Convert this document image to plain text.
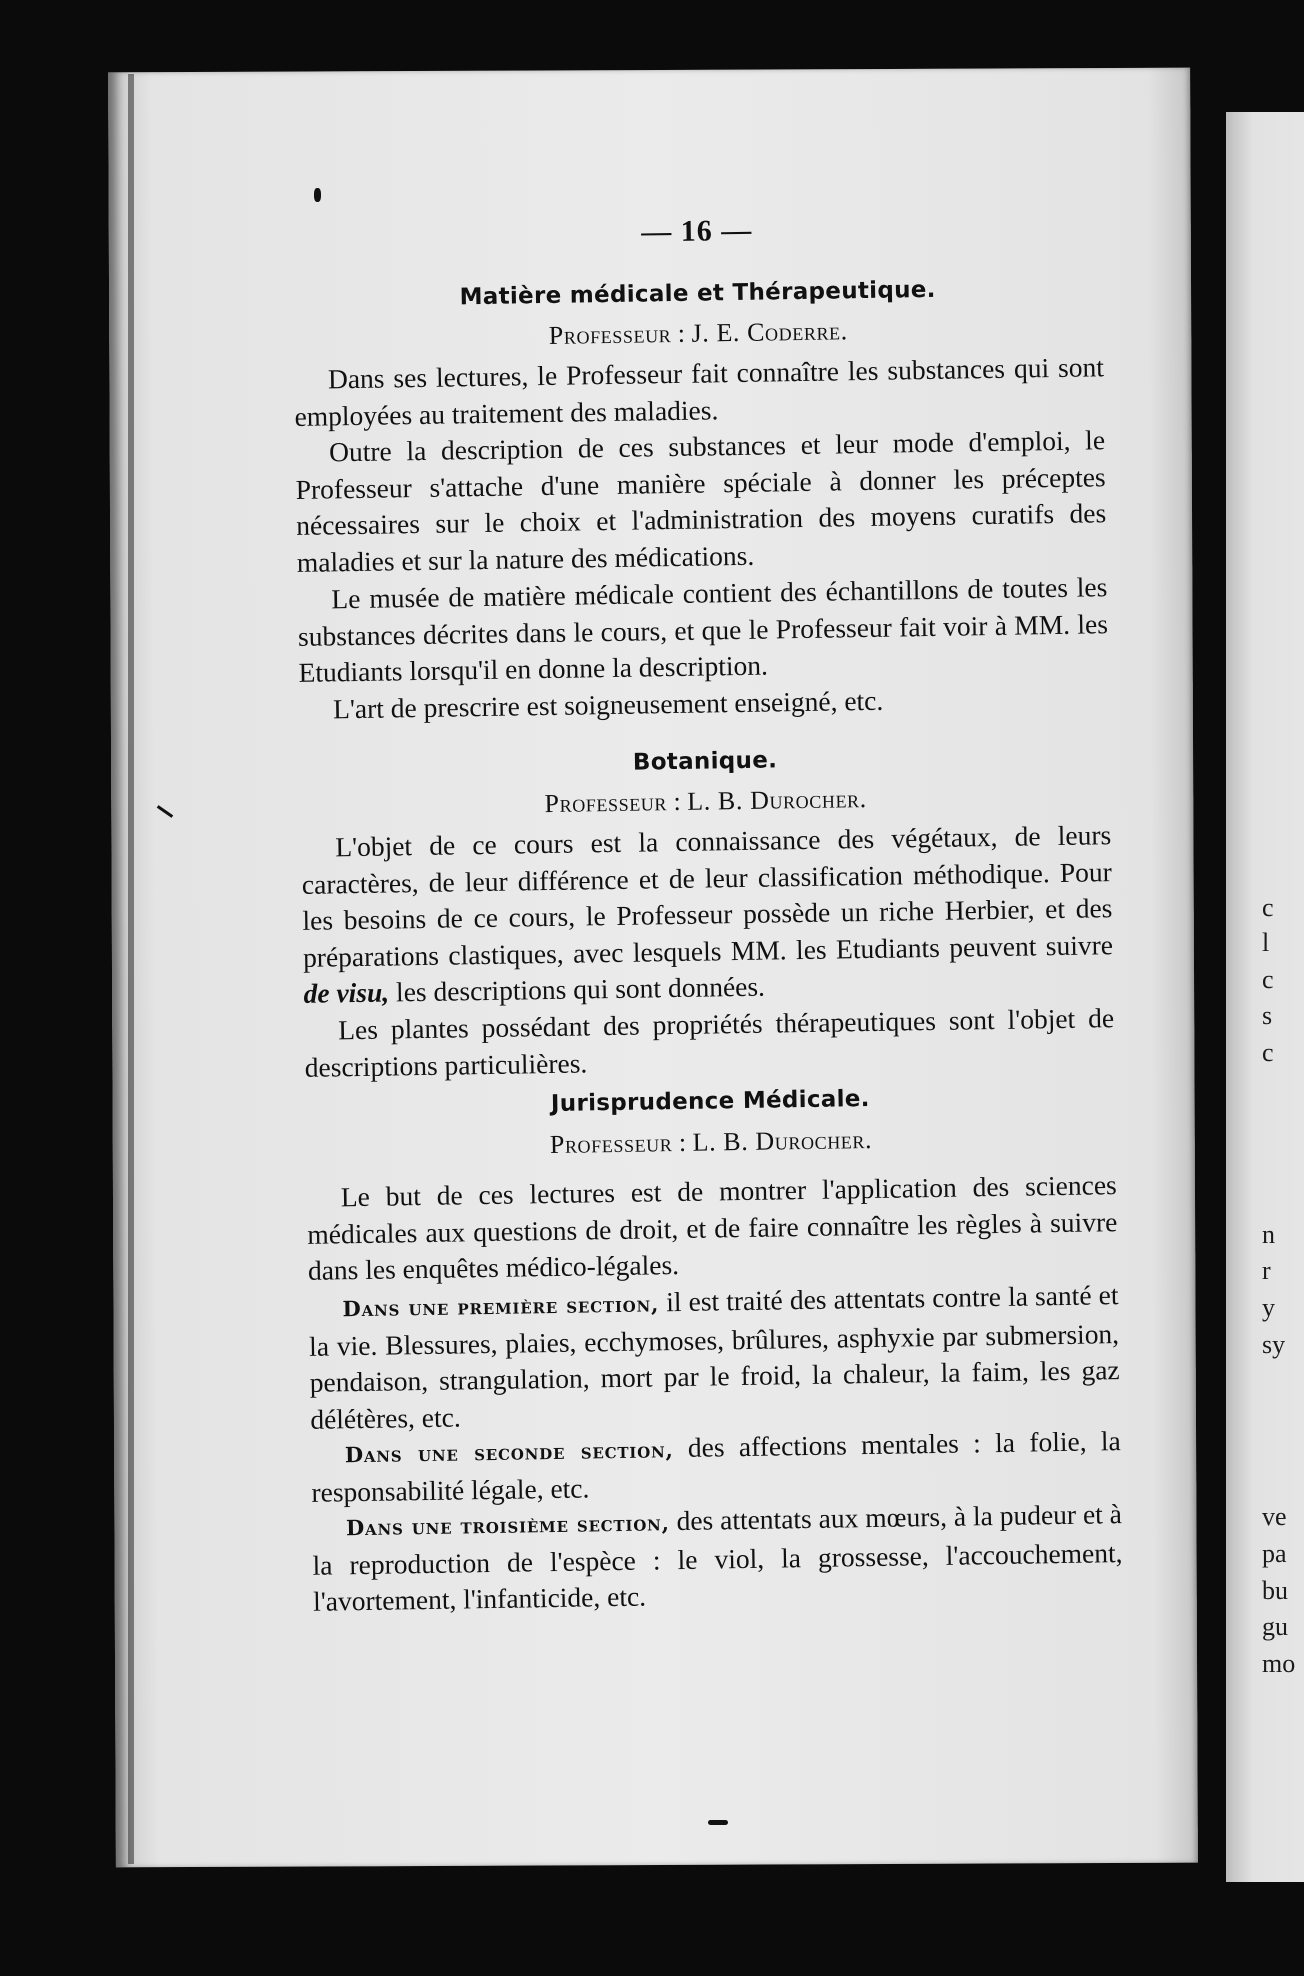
c
l
c
s
c
n
r
y
sy
ve
pa
bu
gu
mo
— 16 —
Matière médicale et Thérapeutique.
Professeur : J. E. Coderre.

Dans ses lectures, le Professeur fait connaître les substances qui sont employées au traitement des maladies.

Outre la description de ces substances et leur mode d'emploi, le Professeur s'attache d'une manière spéciale à donner les préceptes nécessaires sur le choix et l'administration des moyens curatifs des maladies et sur la nature des médications.

Le musée de matière médicale contient des échantillons de toutes les substances décrites dans le cours, et que le Professeur fait voir à MM. les Etudiants lorsqu'il en donne la description.

L'art de prescrire est soigneusement enseigné, etc.

Botanique.
Professeur : L. B. Durocher.

L'objet de ce cours est la connaissance des végétaux, de leurs caractères, de leur différence et de leur classification méthodique. Pour les besoins de ce cours, le Professeur possède un riche Herbier, et des préparations clastiques, avec lesquels MM. les Etudiants peuvent suivre de visu, les descriptions qui sont données.

Les plantes possédant des propriétés thérapeutiques sont l'objet de descriptions particulières.

Jurisprudence Médicale.
Professeur : L. B. Durocher.

Le but de ces lectures est de montrer l'application des sciences médicales aux questions de droit, et de faire connaître les règles à suivre dans les enquêtes médico-légales.

Dans une première section, il est traité des attentats contre la santé et la vie. Blessures, plaies, ecchymoses, brûlures, asphyxie par submersion, pendaison, strangulation, mort par le froid, la chaleur, la faim, les gaz délétères, etc.

Dans une seconde section, des affections mentales : la folie, la responsabilité légale, etc.

Dans une troisième section, des attentats aux mœurs, à la pudeur et à la reproduction de l'espèce : le viol, la grossesse, l'accouchement, l'avortement, l'infanticide, etc.
